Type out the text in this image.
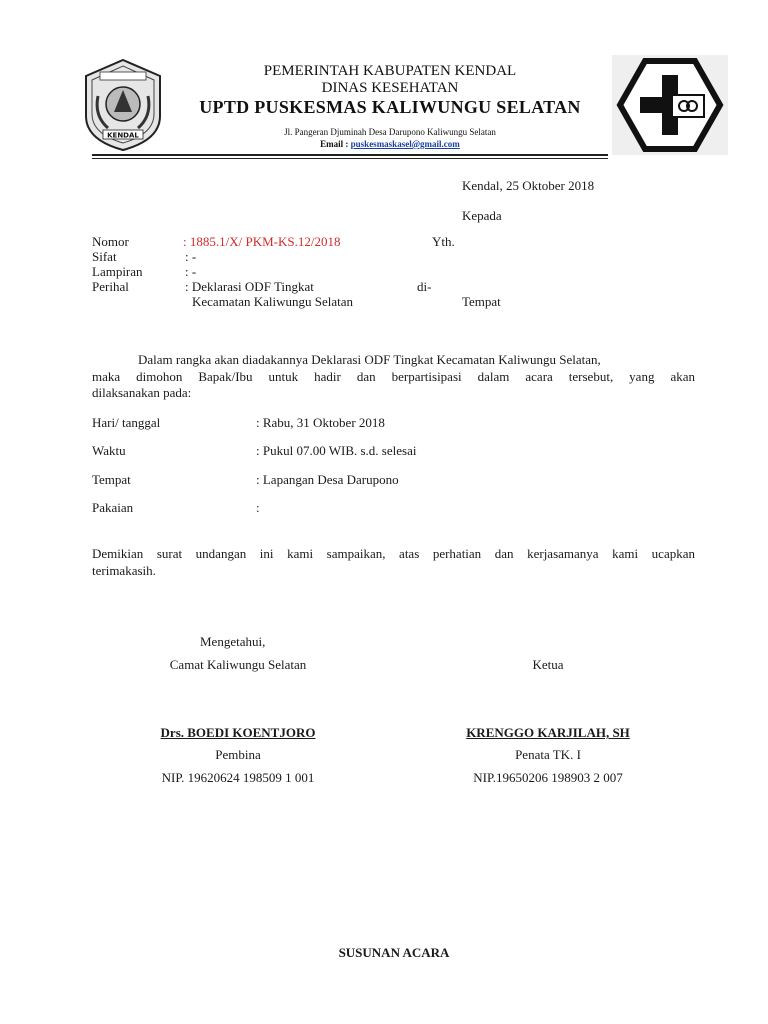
KENDAL
PEMERINTAH KABUPATEN KENDAL
DINAS KESEHATAN
UPTD PUSKESMAS KALIWUNGU SELATAN
Jl. Pangeran Djuminah Desa Darupono Kaliwungu Selatan
Email : puskesmaskasel@gmail.com
Kendal, 25 Oktober 2018
Kepada
Nomor	: 1885.1/X/ PKM-KS.12/2018	Yth.
Sifat	: -
Lampiran	: -
Perihal	: Deklarasi ODF Tingkat	di-
Kecamatan Kaliwungu Selatan	Tempat
Dalam rangka akan diadakannya Deklarasi ODF Tingkat Kecamatan Kaliwungu Selatan,
maka dimohon Bapak/Ibu untuk hadir dan berpartisipasi dalam acara tersebut, yang akan
dilaksanakan pada:
Hari/ tanggal	: Rabu, 31 Oktober 2018
Waktu	: Pukul 07.00 WIB. s.d. selesai
Tempat	: Lapangan Desa Darupono
Pakaian	:
Demikian surat undangan ini kami sampaikan, atas perhatian dan kerjasamanya kami ucapkan
terimakasih.
Mengetahui,
Camat Kaliwungu Selatan	Ketua
Drs. BOEDI KOENTJORO	KRENGGO KARJILAH, SH
Pembina	Penata TK. I
NIP. 19620624 198509 1 001	NIP.19650206 198903 2 007
SUSUNAN ACARA
